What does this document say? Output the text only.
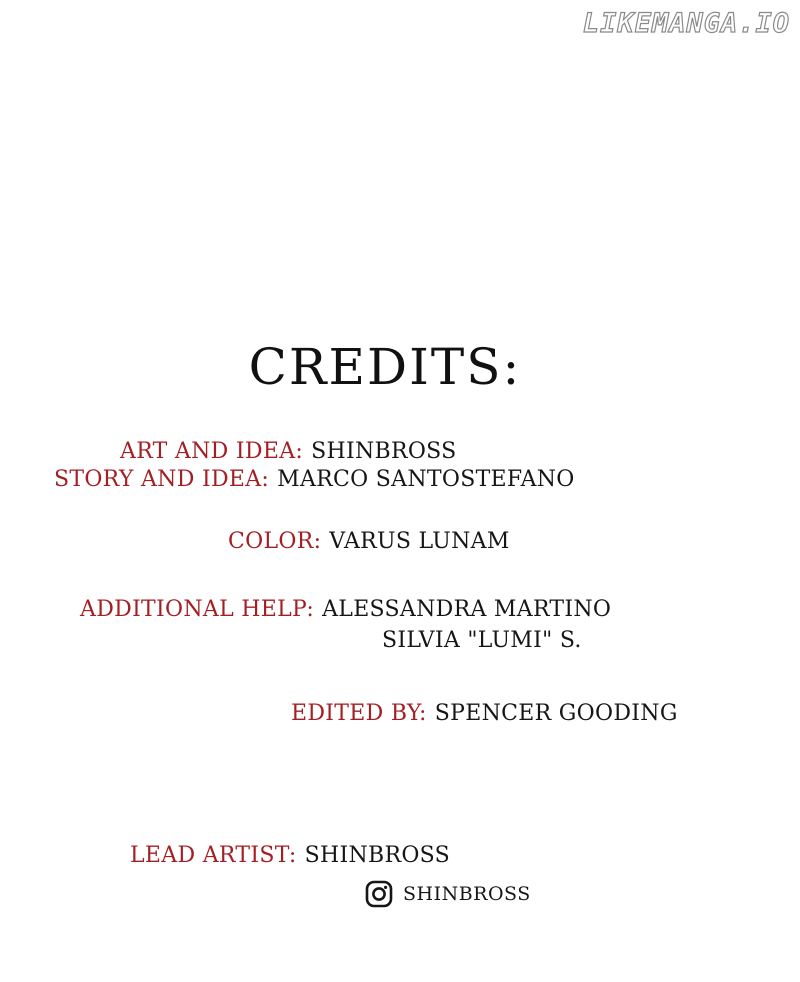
LIKEMANGA.IO
CREDITS:
ART AND IDEA: SHINBROSS
STORY AND IDEA: MARCO SANTOSTEFANO
COLOR: VARUS LUNAM
ADDITIONAL HELP: ALESSANDRA MARTINO
SILVIA "LUMI" S.
EDITED BY: SPENCER GOODING
LEAD ARTIST: SHINBROSS
SHINBROSS
